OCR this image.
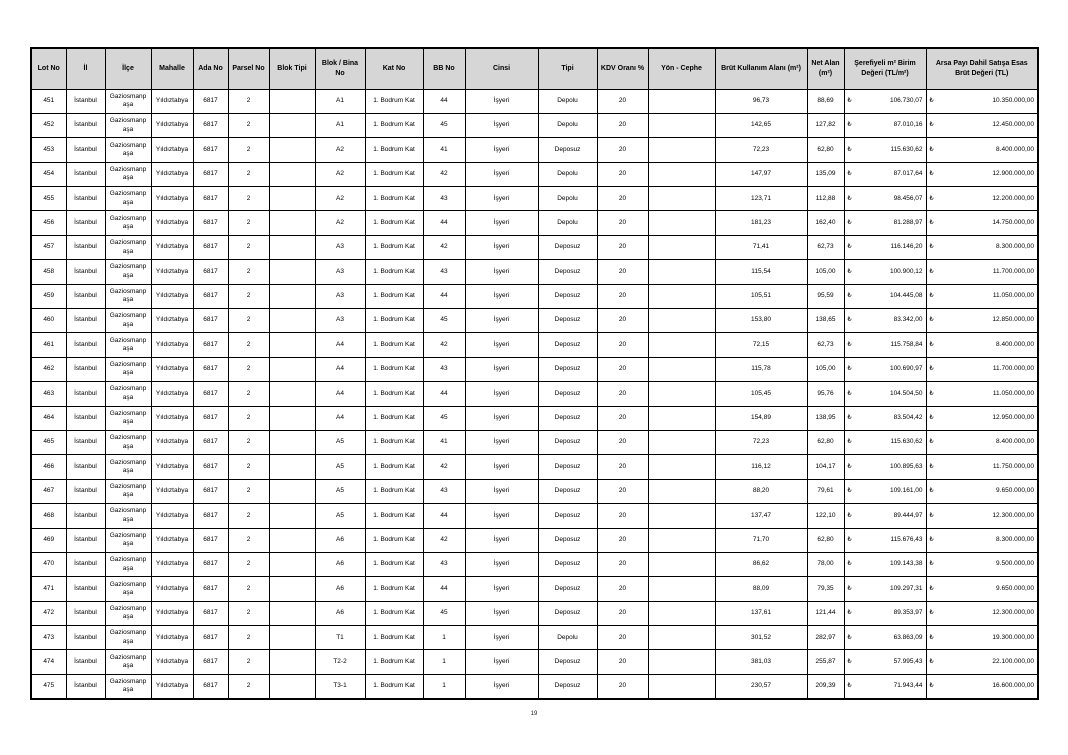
Lot No	İl	İlçe	Mahalle	Ada No	Parsel No	Blok Tipi	Blok / Bina No	Kat No	BB No	Cinsi	Tipi	KDV Oranı %	Yön - Cephe	Brüt Kullanım Alanı (m²)	Net Alan (m²)	Şerefiyeli m² Birim Değeri (TL/m²)	Arsa Payı Dahil Satışa Esas Brüt Değeri (TL)
451	İstanbul	Gaziosmanpaşa	Yıldıztabya	6817	2		A1	1. Bodrum Kat	44	İşyeri	Depolu	20		96,73	88,69	₺ 106.730,07	₺ 10.350.000,00

452	İstanbul	Gaziosmanpaşa	Yıldıztabya	6817	2		A1	1. Bodrum Kat	45	İşyeri	Depolu	20		142,65	127,82	₺ 87.010,16	₺ 12.450.000,00

453	İstanbul	Gaziosmanpaşa	Yıldıztabya	6817	2		A2	1. Bodrum Kat	41	İşyeri	Deposuz	20		72,23	62,80	₺ 115.630,62	₺ 8.400.000,00

454	İstanbul	Gaziosmanpaşa	Yıldıztabya	6817	2		A2	1. Bodrum Kat	42	İşyeri	Depolu	20		147,97	135,09	₺ 87.017,64	₺ 12.900.000,00

455	İstanbul	Gaziosmanpaşa	Yıldıztabya	6817	2		A2	1. Bodrum Kat	43	İşyeri	Depolu	20		123,71	112,88	₺ 98.456,07	₺ 12.200.000,00

456	İstanbul	Gaziosmanpaşa	Yıldıztabya	6817	2		A2	1. Bodrum Kat	44	İşyeri	Depolu	20		181,23	162,40	₺ 81.288,97	₺ 14.750.000,00

457	İstanbul	Gaziosmanpaşa	Yıldıztabya	6817	2		A3	1. Bodrum Kat	42	İşyeri	Deposuz	20		71,41	62,73	₺ 116.146,20	₺ 8.300.000,00

458	İstanbul	Gaziosmanpaşa	Yıldıztabya	6817	2		A3	1. Bodrum Kat	43	İşyeri	Deposuz	20		115,54	105,00	₺ 100.900,12	₺ 11.700.000,00

459	İstanbul	Gaziosmanpaşa	Yıldıztabya	6817	2		A3	1. Bodrum Kat	44	İşyeri	Deposuz	20		105,51	95,59	₺ 104.445,08	₺ 11.050.000,00

460	İstanbul	Gaziosmanpaşa	Yıldıztabya	6817	2		A3	1. Bodrum Kat	45	İşyeri	Deposuz	20		153,80	138,65	₺ 83.342,00	₺ 12.850.000,00

461	İstanbul	Gaziosmanpaşa	Yıldıztabya	6817	2		A4	1. Bodrum Kat	42	İşyeri	Deposuz	20		72,15	62,73	₺ 115.758,84	₺ 8.400.000,00

462	İstanbul	Gaziosmanpaşa	Yıldıztabya	6817	2		A4	1. Bodrum Kat	43	İşyeri	Deposuz	20		115,78	105,00	₺ 100.690,97	₺ 11.700.000,00

463	İstanbul	Gaziosmanpaşa	Yıldıztabya	6817	2		A4	1. Bodrum Kat	44	İşyeri	Deposuz	20		105,45	95,76	₺ 104.504,50	₺ 11.050.000,00

464	İstanbul	Gaziosmanpaşa	Yıldıztabya	6817	2		A4	1. Bodrum Kat	45	İşyeri	Deposuz	20		154,89	138,95	₺ 83.504,42	₺ 12.950.000,00

465	İstanbul	Gaziosmanpaşa	Yıldıztabya	6817	2		A5	1. Bodrum Kat	41	İşyeri	Deposuz	20		72,23	62,80	₺ 115.630,62	₺ 8.400.000,00

466	İstanbul	Gaziosmanpaşa	Yıldıztabya	6817	2		A5	1. Bodrum Kat	42	İşyeri	Deposuz	20		116,12	104,17	₺ 100.895,63	₺ 11.750.000,00

467	İstanbul	Gaziosmanpaşa	Yıldıztabya	6817	2		A5	1. Bodrum Kat	43	İşyeri	Deposuz	20		88,20	79,61	₺ 109.161,00	₺ 9.650.000,00

468	İstanbul	Gaziosmanpaşa	Yıldıztabya	6817	2		A5	1. Bodrum Kat	44	İşyeri	Deposuz	20		137,47	122,10	₺ 89.444,97	₺ 12.300.000,00

469	İstanbul	Gaziosmanpaşa	Yıldıztabya	6817	2		A6	1. Bodrum Kat	42	İşyeri	Deposuz	20		71,70	62,80	₺ 115.676,43	₺ 8.300.000,00

470	İstanbul	Gaziosmanpaşa	Yıldıztabya	6817	2		A6	1. Bodrum Kat	43	İşyeri	Deposuz	20		86,62	78,00	₺ 109.143,38	₺ 9.500.000,00

471	İstanbul	Gaziosmanpaşa	Yıldıztabya	6817	2		A6	1. Bodrum Kat	44	İşyeri	Deposuz	20		88,09	79,35	₺ 109.297,31	₺ 9.650.000,00

472	İstanbul	Gaziosmanpaşa	Yıldıztabya	6817	2		A6	1. Bodrum Kat	45	İşyeri	Deposuz	20		137,61	121,44	₺ 89.353,97	₺ 12.300.000,00

473	İstanbul	Gaziosmanpaşa	Yıldıztabya	6817	2		T1	1. Bodrum Kat	1	İşyeri	Depolu	20		301,52	282,97	₺ 63.863,09	₺ 19.300.000,00

474	İstanbul	Gaziosmanpaşa	Yıldıztabya	6817	2		T2-2	1. Bodrum Kat	1	İşyeri	Deposuz	20		381,03	255,87	₺ 57.995,43	₺ 22.100.000,00

475	İstanbul	Gaziosmanpaşa	Yıldıztabya	6817	2		T3-1	1. Bodrum Kat	1	İşyeri	Deposuz	20		230,57	209,39	₺ 71.943,44	₺ 16.600.000,00
19
